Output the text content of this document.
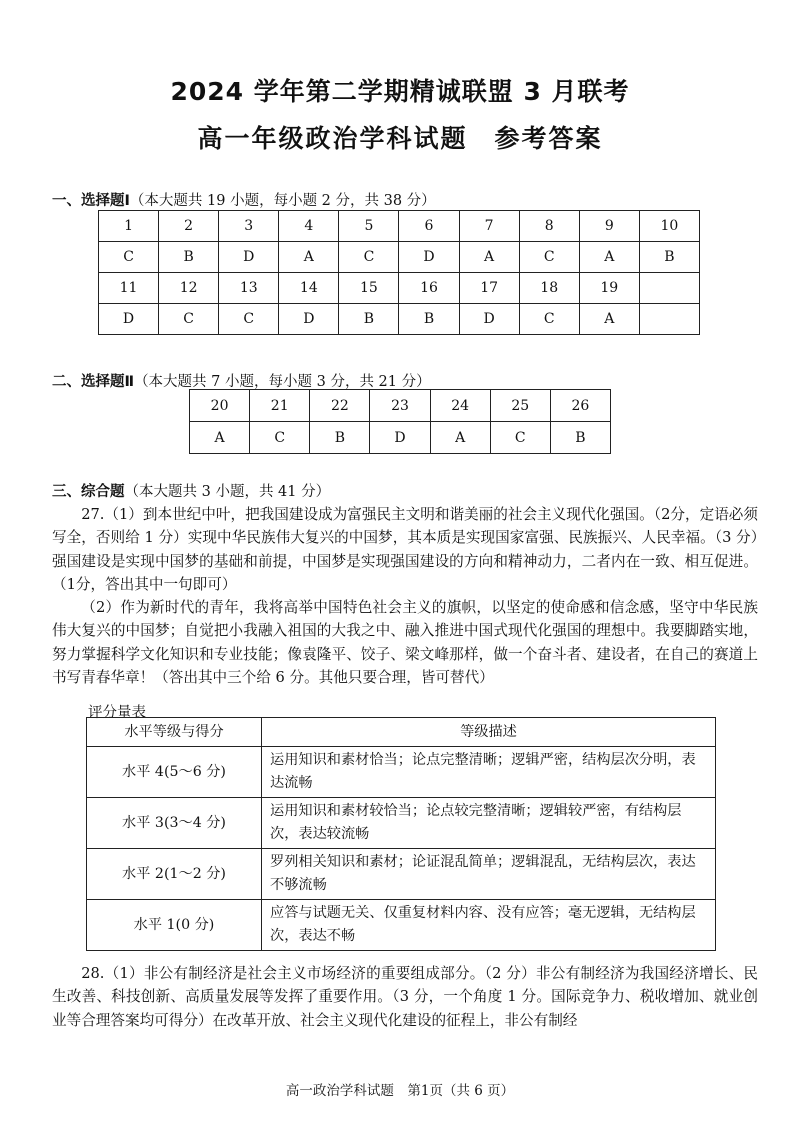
2024 学年第二学期精诚联盟 3 月联考
高一年级政治学科试题　参考答案
一、选择题Ⅰ（本大题共 19 小题，每小题 2 分，共 38 分）
1	2	3	4	5	6	7	8	9	10
C	B	D	A	C	D	A	C	A	B
11	12	13	14	15	16	17	18	19	
D	C	C	D	B	B	D	C	A	
二、选择题Ⅱ（本大题共 7 小题，每小题 3 分，共 21 分）
20	21	22	23	24	25	26
A	C	B	D	A	C	B
三、综合题（本大题共 3 小题，共 41 分）

27.（1）到本世纪中叶，把我国建设成为富强民主文明和谐美丽的社会主义现代化强国。（2分，定语必须写全，否则给 1 分）实现中华民族伟大复兴的中国梦，其本质是实现国家富强、民族振兴、人民幸福。（3 分）强国建设是实现中国梦的基础和前提，中国梦是实现强国建设的方向和精神动力，二者内在一致、相互促进。（1分，答出其中一句即可）

（2）作为新时代的青年，我将高举中国特色社会主义的旗帜，以坚定的使命感和信念感，坚守中华民族伟大复兴的中国梦；自觉把小我融入祖国的大我之中、融入推进中国式现代化强国的理想中。我要脚踏实地，努力掌握科学文化知识和专业技能；像袁隆平、饺子、梁文峰那样，做一个奋斗者、建设者，在自己的赛道上书写青春华章！（答出其中三个给 6 分。其他只要合理，皆可替代）

评分量表
水平等级与得分	等级描述
水平 4(5～6 分)	运用知识和素材恰当；论点完整清晰；逻辑严密，结构层次分明，表达流畅
水平 3(3～4 分)	运用知识和素材较恰当；论点较完整清晰；逻辑较严密，有结构层次，表达较流畅
水平 2(1～2 分)	罗列相关知识和素材；论证混乱简单；逻辑混乱，无结构层次，表达不够流畅
水平 1(0 分)	应答与试题无关、仅重复材料内容、没有应答；毫无逻辑，无结构层次，表达不畅

28.（1）非公有制经济是社会主义市场经济的重要组成部分。（2 分）非公有制经济为我国经济增长、民生改善、科技创新、高质量发展等发挥了重要作用。（3 分，一个角度 1 分。国际竞争力、税收增加、就业创业等合理答案均可得分）在改革开放、社会主义现代化建设的征程上，非公有制经

高一政治学科试题　第1页（共 6 页）
